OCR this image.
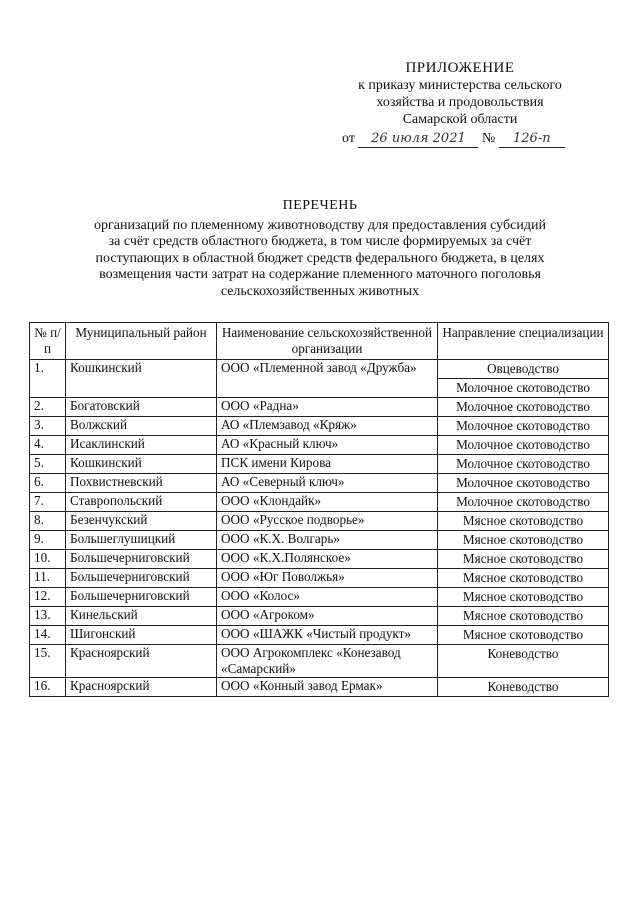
ПРИЛОЖЕНИЕ
к приказу министерства сельского
хозяйства и продовольствия
Самарской области
от 26 июля 2021 № 126-п
ПЕРЕЧЕНЬ
организаций по племенному животноводству для предоставления субсидий
за счёт средств областного бюджета, в том числе формируемых за счёт
поступающих в областной бюджет средств федерального бюджета, в целях
возмещения части затрат на содержание племенного маточного поголовья
сельскохозяйственных животных
№ п/п	Муниципальный район	Наименование сельскохозяйственной организации	Направление специализации
1.	Кошкинский	ООО «Племенной завод «Дружба»	Овцеводство
Молочное скотоводство

2.	Богатовский	ООО «Радна»	Молочное скотоводство

3.	Волжский	АО «Племзавод «Кряж»	Молочное скотоводство

4.	Исаклинский	АО «Красный ключ»	Молочное скотоводство

5.	Кошкинский	ПСК имени Кирова	Молочное скотоводство

6.	Похвистневский	АО «Северный ключ»	Молочное скотоводство

7.	Ставропольский	ООО «Клондайк»	Молочное скотоводство

8.	Безенчукский	ООО «Русское подворье»	Мясное скотоводство

9.	Большеглушицкий	ООО «К.Х. Волгарь»	Мясное скотоводство

10.	Большечерниговский	ООО «К.Х.Полянское»	Мясное скотоводство

11.	Большечерниговский	ООО «Юг Поволжья»	Мясное скотоводство

12.	Большечерниговский	ООО «Колос»	Мясное скотоводство

13.	Кинельский	ООО «Агроком»	Мясное скотоводство

14.	Шигонский	ООО «ШАЖК «Чистый продукт»	Мясное скотоводство

15.	Красноярский	ООО Агрокомплекс «Конезавод «Самарский»	Коневодство

16.	Красноярский	ООО «Конный завод Ермак»	Коневодство
